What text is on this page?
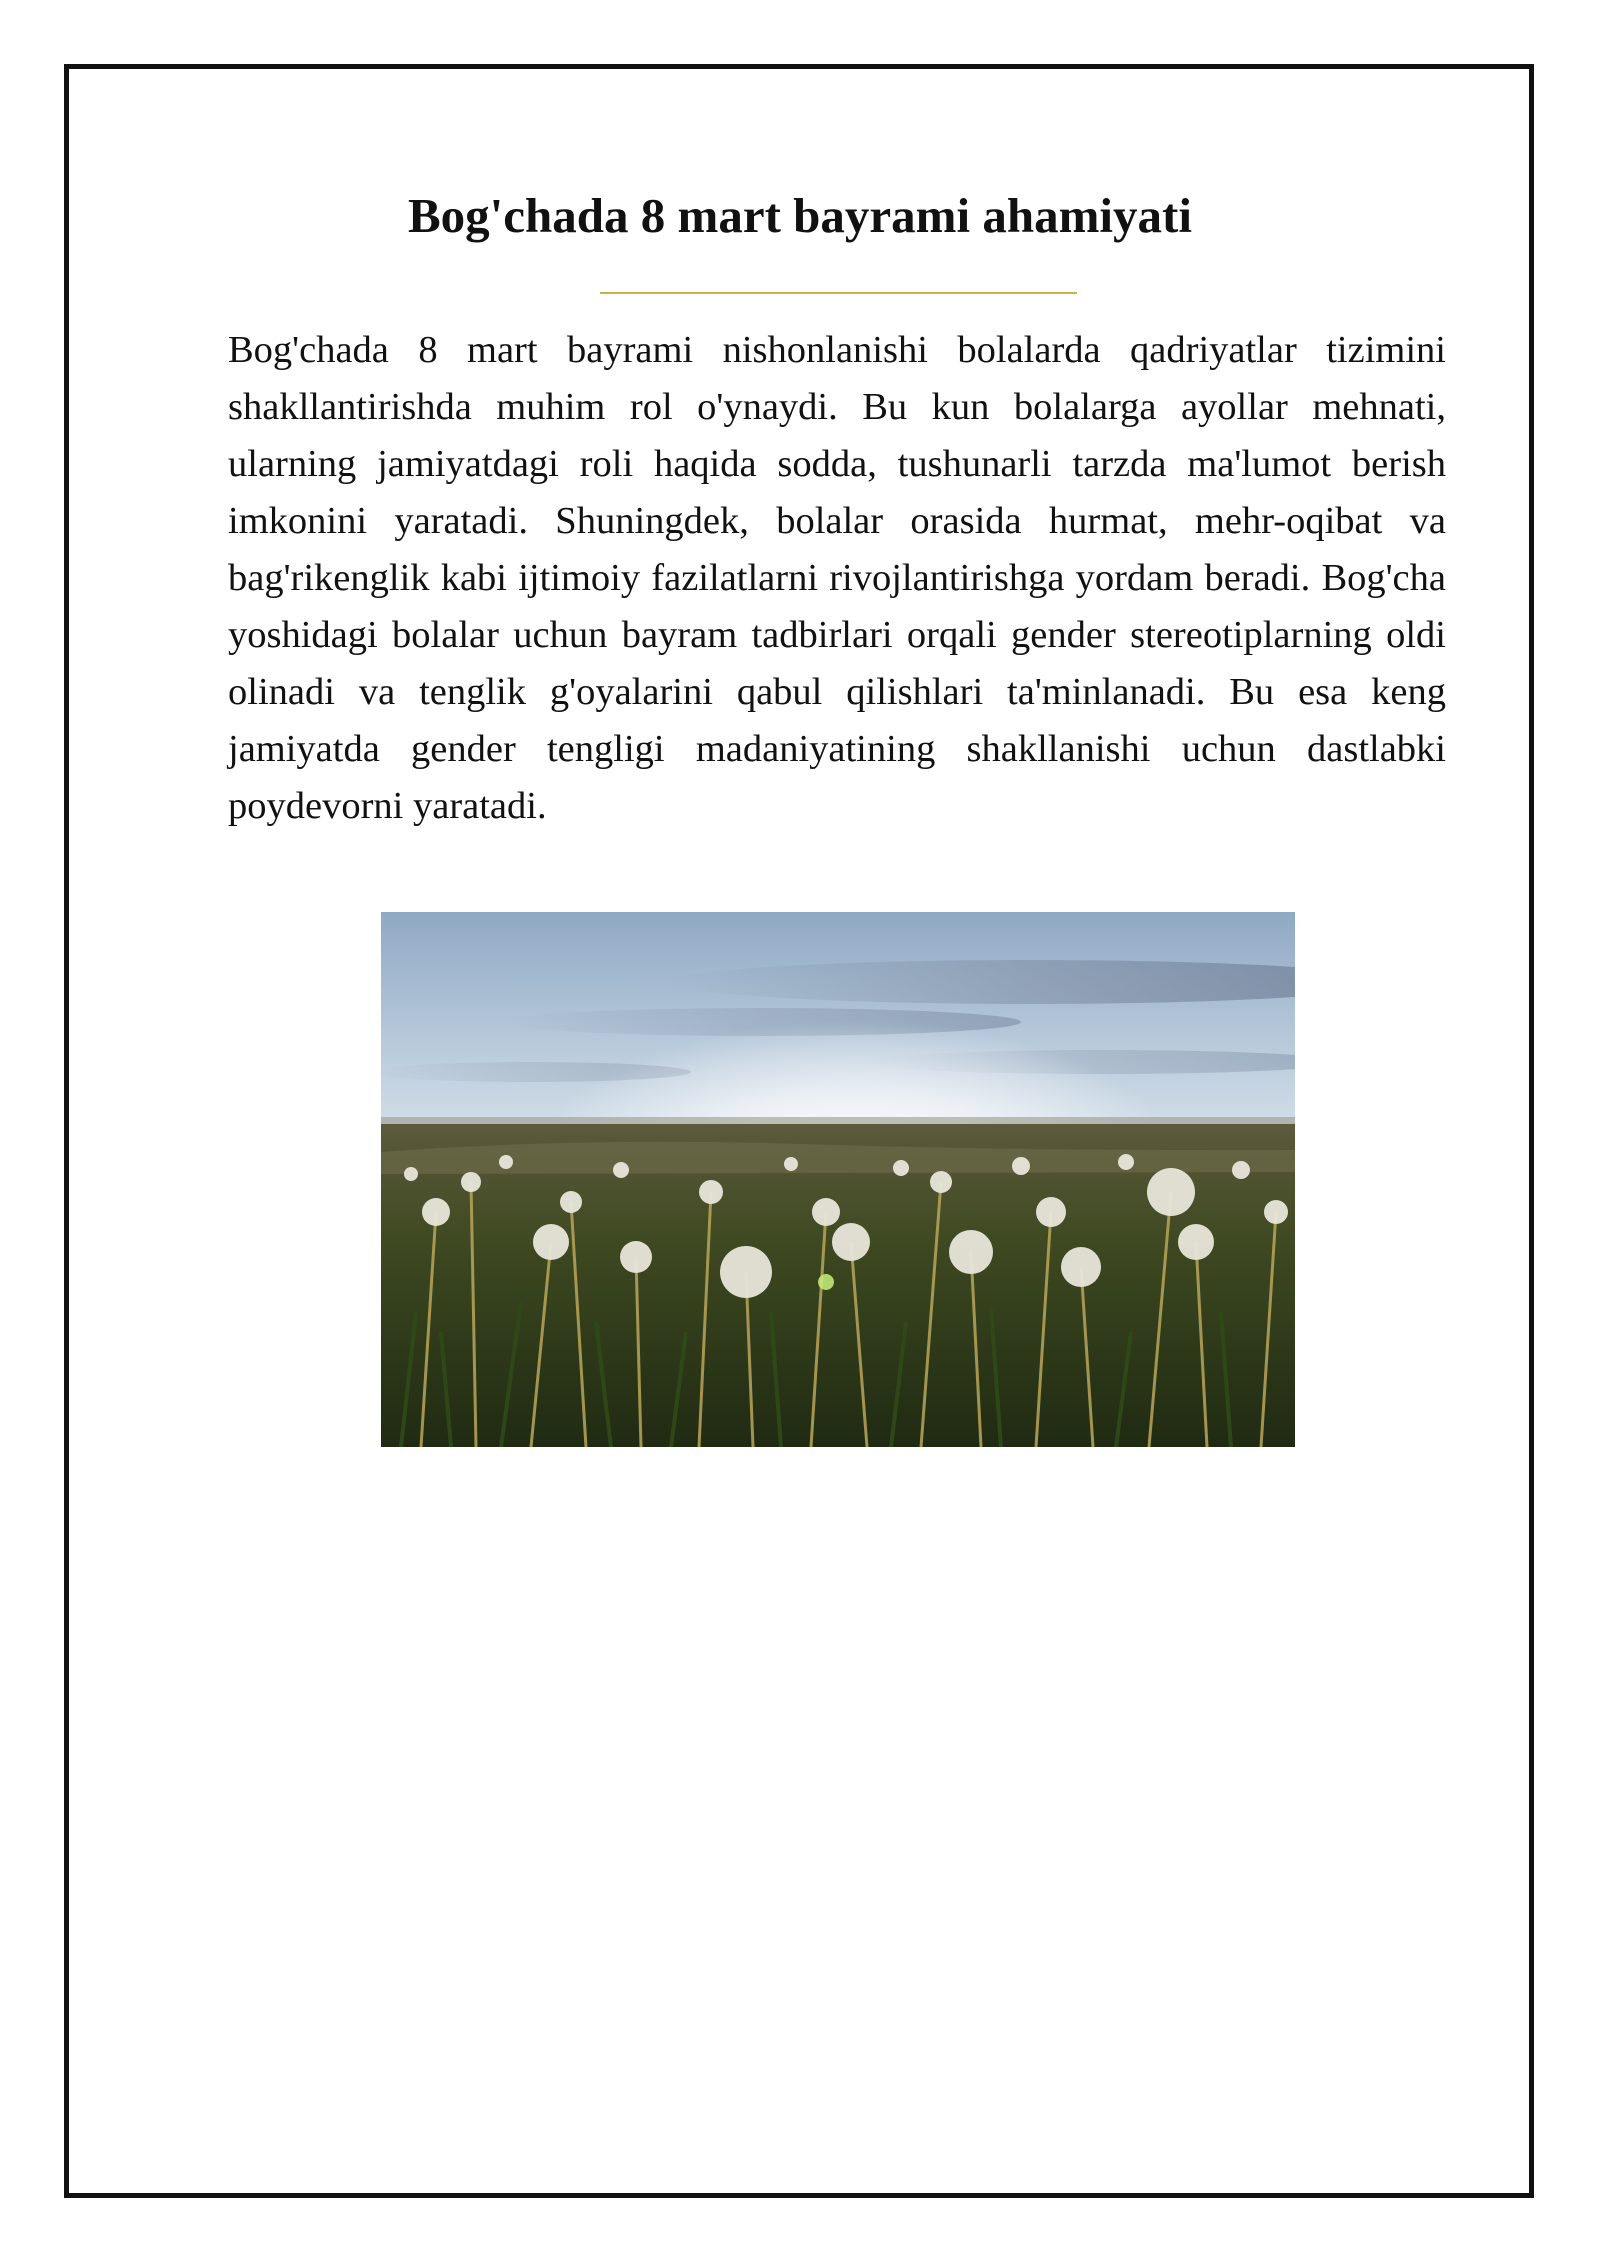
Bog'chada 8 mart bayrami ahamiyati

Bog'chada 8 mart bayrami nishonlanishi bolalarda qadriyatlar tizimini shakllantirishda muhim rol o'ynaydi. Bu kun bolalarga ayollar mehnati, ularning jamiyatdagi roli haqida sodda, tushunarli tarzda ma'lumot berish imkonini yaratadi. Shuningdek, bolalar orasida hurmat, mehr-oqibat va bag'rikenglik kabi ijtimoiy fazilatlarni rivojlantirishga yordam beradi. Bog'cha yoshidagi bolalar uchun bayram tadbirlari orqali gender stereotiplarning oldi olinadi va tenglik g'oyalarini qabul qilishlari ta'minlanadi. Bu esa keng jamiyatda gender tengligi madaniyatining shakllanishi uchun dastlabki poydevorni yaratadi.
